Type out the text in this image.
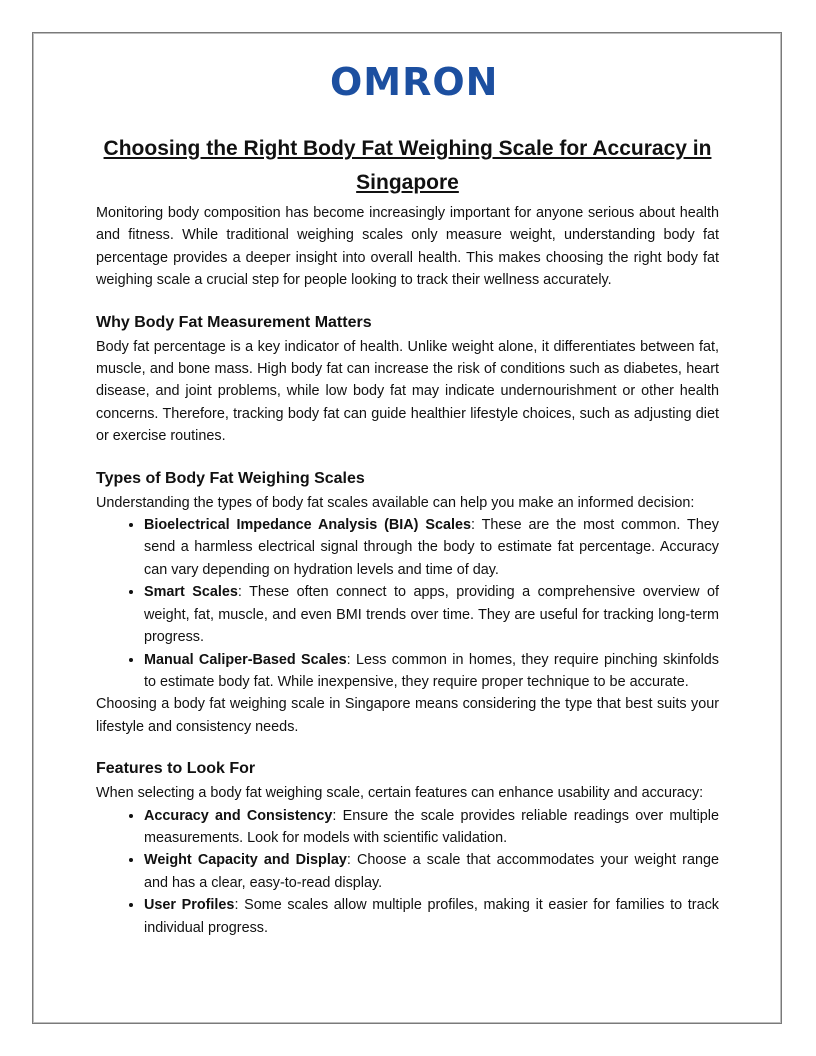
OMRON
Choosing the Right Body Fat Weighing Scale for Accuracy in Singapore

Monitoring body composition has become increasingly important for anyone serious about health and fitness. While traditional weighing scales only measure weight, understanding body fat percentage provides a deeper insight into overall health. This makes choosing the right body fat weighing scale a crucial step for people looking to track their wellness accurately.

Why Body Fat Measurement Matters

Body fat percentage is a key indicator of health. Unlike weight alone, it differentiates between fat, muscle, and bone mass. High body fat can increase the risk of conditions such as diabetes, heart disease, and joint problems, while low body fat may indicate undernourishment or other health concerns. Therefore, tracking body fat can guide healthier lifestyle choices, such as adjusting diet or exercise routines.

Types of Body Fat Weighing Scales

Understanding the types of body fat scales available can help you make an informed decision:

• Bioelectrical Impedance Analysis (BIA) Scales: These are the most common. They send a harmless electrical signal through the body to estimate fat percentage. Accuracy can vary depending on hydration levels and time of day.
• Smart Scales: These often connect to apps, providing a comprehensive overview of weight, fat, muscle, and even BMI trends over time. They are useful for tracking long-term progress.
• Manual Caliper-Based Scales: Less common in homes, they require pinching skinfolds to estimate body fat. While inexpensive, they require proper technique to be accurate.

Choosing a body fat weighing scale in Singapore means considering the type that best suits your lifestyle and consistency needs.

Features to Look For

When selecting a body fat weighing scale, certain features can enhance usability and accuracy:

• Accuracy and Consistency: Ensure the scale provides reliable readings over multiple measurements. Look for models with scientific validation.
• Weight Capacity and Display: Choose a scale that accommodates your weight range and has a clear, easy-to-read display.
• User Profiles: Some scales allow multiple profiles, making it easier for families to track individual progress.
